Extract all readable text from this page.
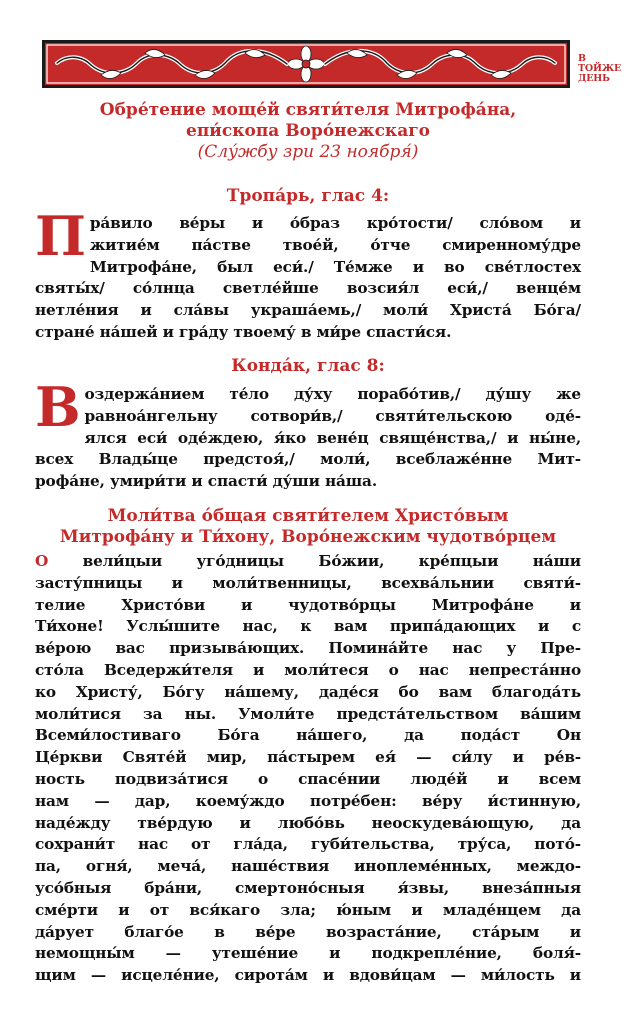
В
ТОЙЖЕ
ДЕНЬ
Обре́тение моще́й святи́теля Митрофа́на,
епи́скопа Воро́нежскаго
(Слу́жбу зри 23 ноября́)
Тропа́рь, глас 4:
П ра́вило ве́ры и о́браз кро́тости/ сло́вом и
житие́м па́стве твое́й, о́тче смиренному́дре
Митрофа́не, был еси́./ Те́мже и во све́тлостех
святы́х/ со́лнца светле́йше возсия́л еси́,/ венце́м
нетле́ния и сла́вы украша́емь,/ моли́ Христа́ Бо́га/
стране́ на́шей и гра́ду твоему́ в ми́ре спасти́ся.
Конда́к, глас 8:
В оздержа́нием те́ло ду́ху порабо́тив,/ ду́шу же
равноа́нгельну сотвори́в,/ святи́тельскою оде́-
ялся еси́ оде́ждею, я́ко вене́ц свяще́нства,/ и ны́не,
всех Влады́це предстоя́,/ моли́, всеблаже́нне Мит-
рофа́не, умири́ти и спасти́ ду́ши на́ша.
Моли́тва о́бщая святи́телем Христо́вым
Митрофа́ну и Ти́хону, Воро́нежским чудотво́рцем
О вели́цыи уго́дницы Бо́жии, кре́пцыи на́ши
засту́пницы и моли́твенницы, всехва́льнии святи́-
телие Христо́ви и чудотво́рцы Митрофа́не и
Ти́хоне! Услы́шите нас, к вам припа́дающих и с
ве́рою вас призыва́ющих. Помина́йте нас у Пре-
сто́ла Вседержи́теля и моли́теся о нас непреста́нно
ко Христу́, Бо́гу на́шему, даде́ся бо вам благода́ть
моли́тися за ны. Умоли́те предста́тельством ва́шим
Всеми́лостиваго Бо́га на́шего, да пода́ст Он
Це́ркви Святе́й мир, па́стырем ея́ — си́лу и ре́в-
ность подвиза́тися о спасе́нии люде́й и всем
нам — дар, коему́ждо потре́бен: ве́ру и́стинную,
наде́жду тве́рдую и любо́вь неоскудева́ющую, да
сохрани́т нас от гла́да, губи́тельства, тру́са, пото́-
па, огня́, меча́, наше́ствия иноплеме́нных, междо-
усо́бныя бра́ни, смертоно́сныя я́звы, внеза́пныя
сме́рти и от вся́каго зла; ю́ным и младе́нцем да
да́рует благо́е в ве́ре возраста́ние, ста́рым и
немощны́м — утеше́ние и подкрепле́ние, боля́-
щим — исцеле́ние, сирота́м и вдови́цам — ми́лость и
